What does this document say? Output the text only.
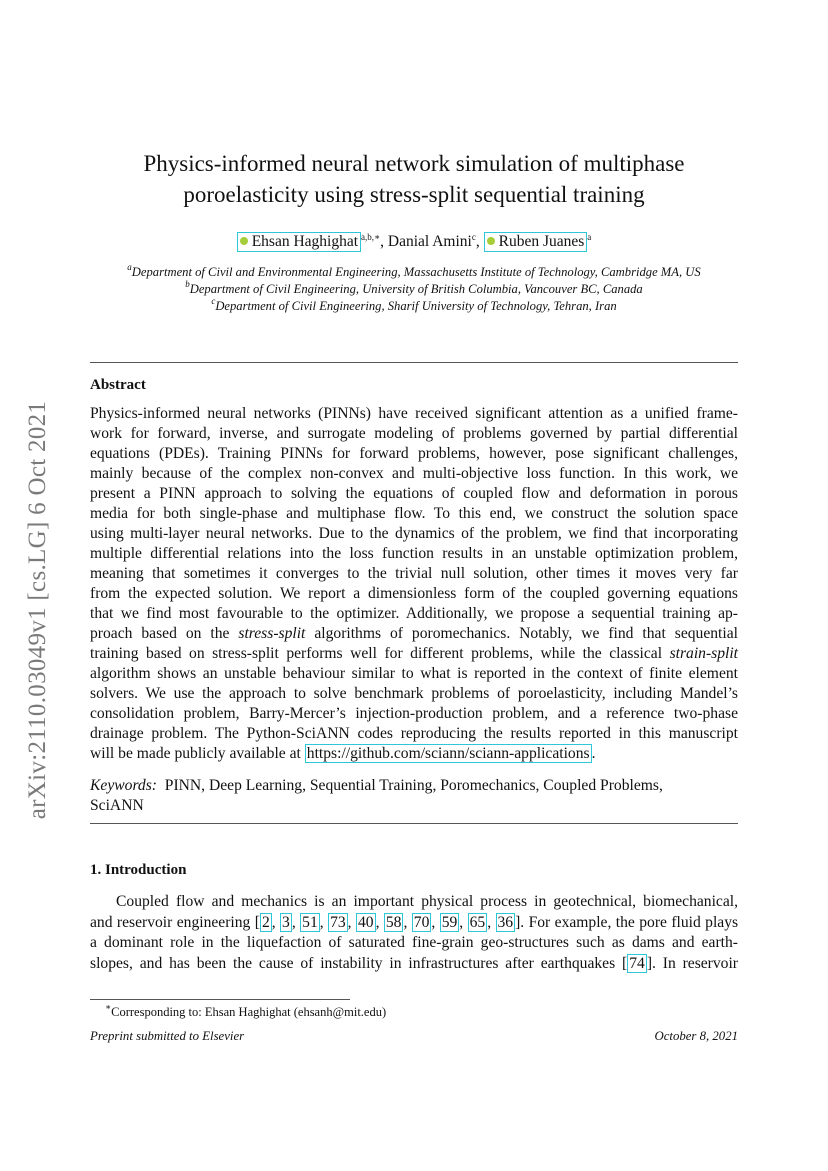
arXiv:2110.03049v1 [cs.LG] 6 Oct 2021
Physics-informed neural network simulation of multiphase
poroelasticity using stress-split sequential training
Ehsan Haghighat $^{a,b,∗}$, Danial Amini$^c$, Ruben Juanes $^a$
$^a$Department of Civil and Environmental Engineering, Massachusetts Institute of Technology, Cambridge MA, US
$^b$Department of Civil Engineering, University of British Columbia, Vancouver BC, Canada
$^c$Department of Civil Engineering, Sharif University of Technology, Tehran, Iran
Abstract
Physics-informed neural networks (PINNs) have received significant attention as a unified frame-
work for forward, inverse, and surrogate modeling of problems governed by partial differential
equations (PDEs). Training PINNs for forward problems, however, pose significant challenges,
mainly because of the complex non-convex and multi-objective loss function. In this work, we
present a PINN approach to solving the equations of coupled flow and deformation in porous
media for both single-phase and multiphase flow. To this end, we construct the solution space
using multi-layer neural networks. Due to the dynamics of the problem, we find that incorporating
multiple differential relations into the loss function results in an unstable optimization problem,
meaning that sometimes it converges to the trivial null solution, other times it moves very far
from the expected solution. We report a dimensionless form of the coupled governing equations
that we find most favourable to the optimizer. Additionally, we propose a sequential training ap-
proach based on the stress-split algorithms of poromechanics. Notably, we find that sequential
training based on stress-split performs well for different problems, while the classical strain-split
algorithm shows an unstable behaviour similar to what is reported in the context of finite element
solvers. We use the approach to solve benchmark problems of poroelasticity, including Mandel’s
consolidation problem, Barry-Mercer’s injection-production problem, and a reference two-phase
drainage problem. The Python-SciANN codes reproducing the results reported in this manuscript
will be made publicly available at https://github.com/sciann/sciann-applications .
Keywords: PINN, Deep Learning, Sequential Training, Poromechanics, Coupled Problems,
SciANN
1. Introduction
Coupled flow and mechanics is an important physical process in geotechnical, biomechanical,
and reservoir engineering [ 2 , 3 , 51 , 73 , 40 , 58 , 70 , 59 , 65 , 36 ]. For example, the pore fluid plays
a dominant role in the liquefaction of saturated fine-grain geo-structures such as dams and earth-
slopes, and has been the cause of instability in infrastructures after earthquakes [ 74 ]. In reservoir
∗Corresponding to: Ehsan Haghighat (ehsanh@mit.edu)
Preprint submitted to Elsevier	October 8, 2021
